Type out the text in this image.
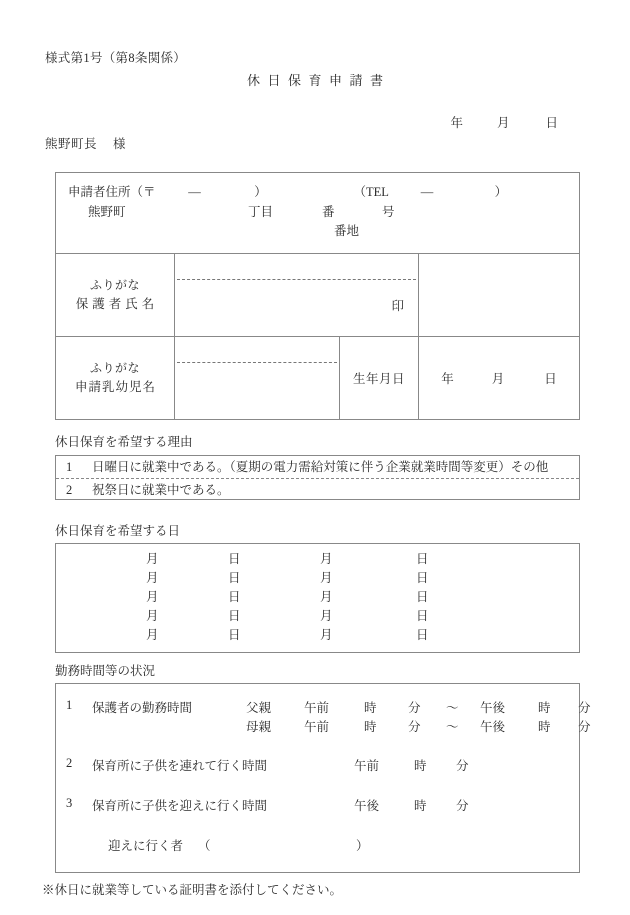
様式第1号（第8条関係）
休日保育申請書
年	月	日
熊野町長 様
申請者住所（〒 — ） （TEL — ）
熊野町 丁目 番 号
番地			

ふりがな
保護者氏名	印		

ふりがな
申請乳幼児名		生年月日	年 月 日
休日保育を希望する理由
1 日曜日に就業中である。（夏期の電力需給対策に伴う企業就業時間等変更）その他
2 祝祭日に就業中である。
休日保育を希望する日
月	日	月	日
月	日	月	日
月	日	月	日
月	日	月	日
月	日	月	日
勤務時間等の状況
1 保護者の勤務時間	父親	午前	時	分 〜 午後	時 分
母親	午前	時	分 〜 午後	時 分
2 保育所に子供を連れて行く時間	午前	時 分
3 保育所に子供を迎えに行く時間	午後	時 分
迎えに行く者 （	）
※休日に就業等している証明書を添付してください。
